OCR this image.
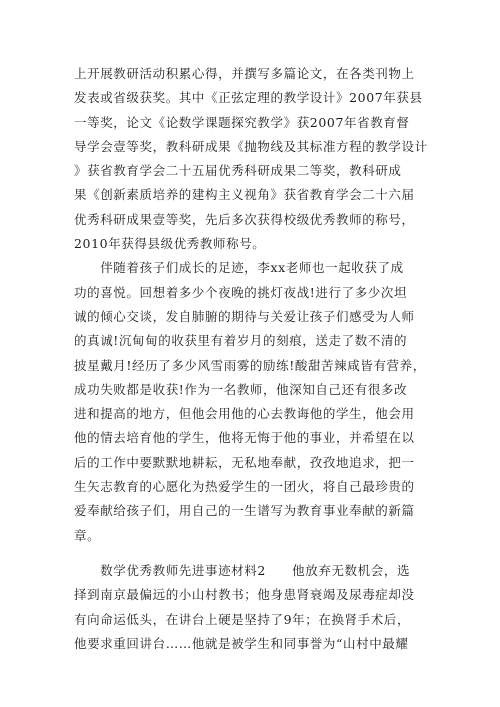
上开展教研活动积累心得，并撰写多篇论文，在各类刊物上
发表或省级获奖。其中《正弦定理的教学设计》2007年获县
一等奖，论文《论数学课题探究教学》获2007年省教育督
导学会壹等奖，教科研成果《抛物线及其标准方程的教学设计
》获省教育学会二十五届优秀科研成果二等奖，教科研成
果《创新素质培养的建构主义视角》获省教育学会二十六届
优秀科研成果壹等奖，先后多次获得校级优秀教师的称号，
2010年获得县级优秀教师称号。
　　伴随着孩子们成长的足迹，李xx老师也一起收获了成
功的喜悦。回想着多少个夜晚的挑灯夜战!进行了多少次坦
诚的倾心交谈，发自肺腑的期待与关爱让孩子们感受为人师
的真诚!沉甸甸的收获里有着岁月的刻痕，送走了数不清的
披星戴月!经历了多少风雪雨雾的励练!酸甜苦辣咸皆有营养，
成功失败都是收获!作为一名教师，他深知自己还有很多改
进和提高的地方，但他会用他的心去教诲他的学生，他会用
他的情去培育他的学生，他将无悔于他的事业，并希望在以
后的工作中要默默地耕耘，无私地奉献，孜孜地追求，把一
生矢志教育的心愿化为热爱学生的一团火，将自己最珍贵的
爱奉献给孩子们，用自己的一生谱写为教育事业奉献的新篇
章。
　　数学优秀教师先进事迹材料2　　他放弃无数机会，选
择到南京最偏远的小山村教书；他身患肾衰竭及尿毒症却没
有向命运低头，在讲台上硬是坚持了9年；在换肾手术后，
他要求重回讲台……他就是被学生和同事誉为“山村中最耀
